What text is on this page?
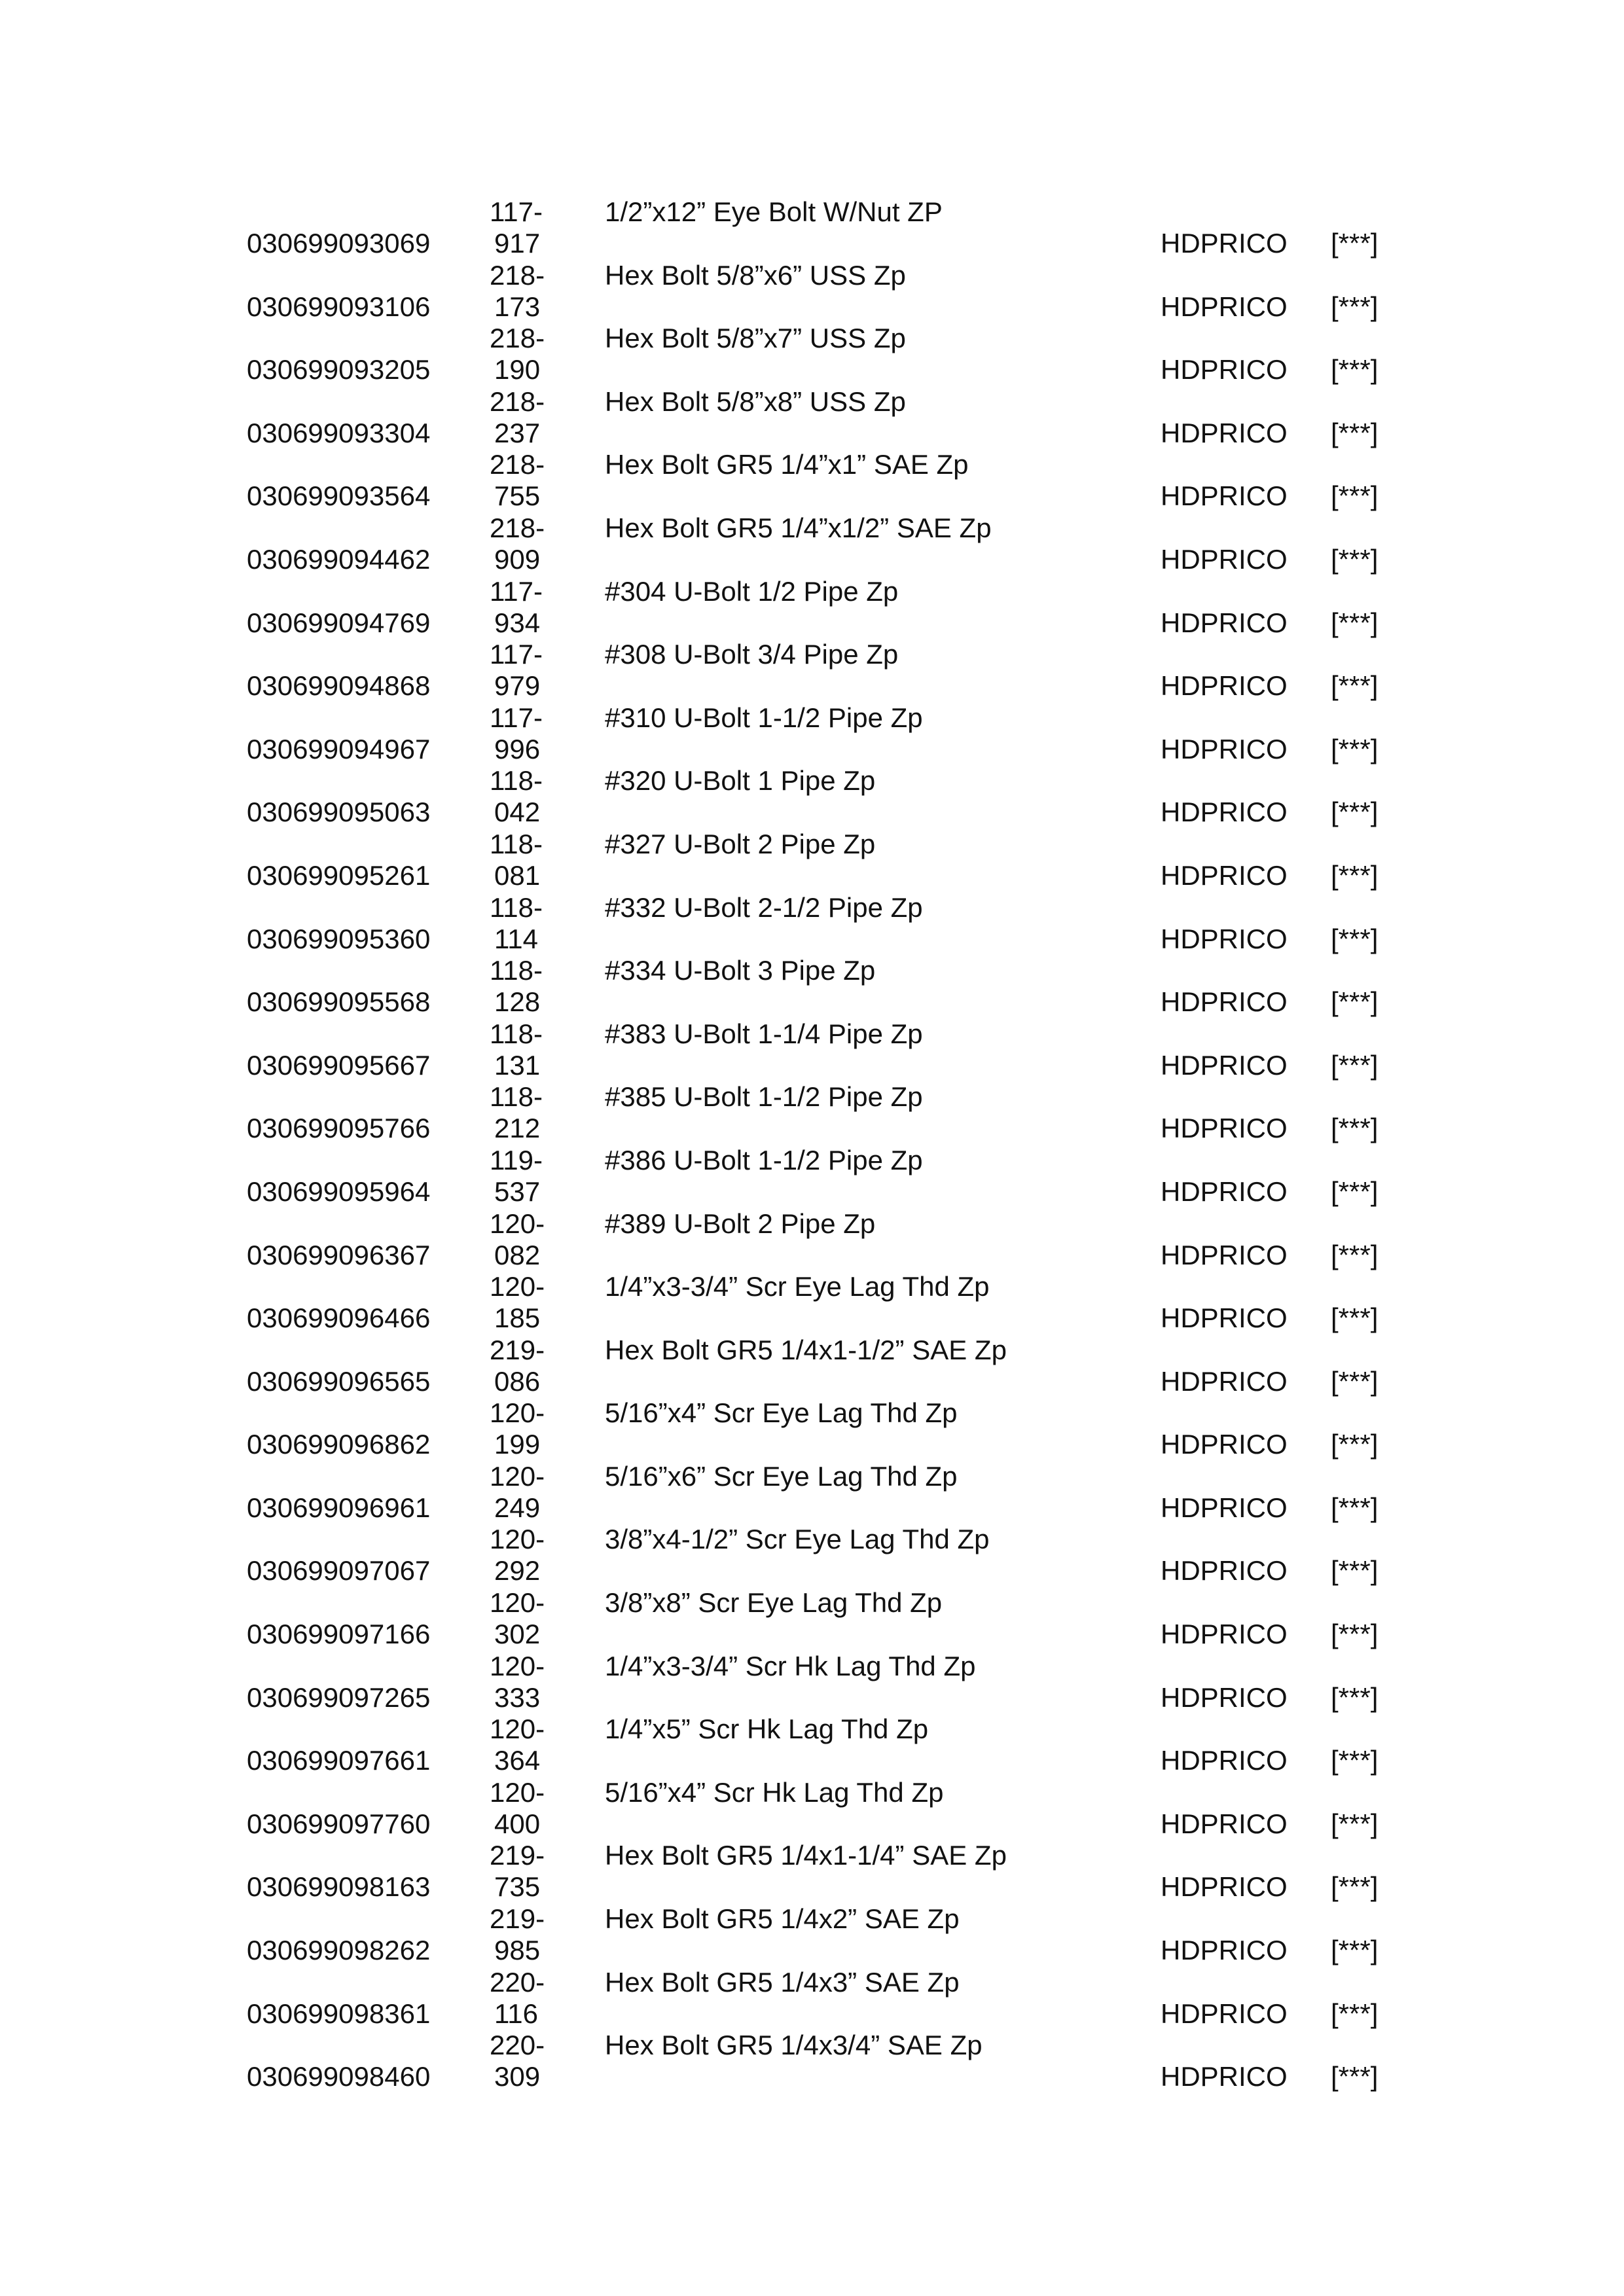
030699093069
117-
917
1/2”x12” Eye Bolt W/Nut ZP
HDPRICO [***]
030699093106
218-
173
Hex Bolt 5/8”x6” USS Zp
HDPRICO [***]
030699093205
218-
190
Hex Bolt 5/8”x7” USS Zp
HDPRICO [***]
030699093304
218-
237
Hex Bolt 5/8”x8” USS Zp
HDPRICO [***]
030699093564
218-
755
Hex Bolt GR5 1/4”x1” SAE Zp
HDPRICO [***]
030699094462
218-
909
Hex Bolt GR5 1/4”x1/2” SAE Zp
HDPRICO [***]
030699094769
117-
934
#304 U-Bolt 1/2 Pipe Zp
HDPRICO [***]
030699094868
117-
979
#308 U-Bolt 3/4 Pipe Zp
HDPRICO [***]
030699094967
117-
996
#310 U-Bolt 1-1/2 Pipe Zp
HDPRICO [***]
030699095063
118-
042
#320 U-Bolt 1 Pipe Zp
HDPRICO [***]
030699095261
118-
081
#327 U-Bolt 2 Pipe Zp
HDPRICO [***]
030699095360
118-
114
#332 U-Bolt 2-1/2 Pipe Zp
HDPRICO [***]
030699095568
118-
128
#334 U-Bolt 3 Pipe Zp
HDPRICO [***]
030699095667
118-
131
#383 U-Bolt 1-1/4 Pipe Zp
HDPRICO [***]
030699095766
118-
212
#385 U-Bolt 1-1/2 Pipe Zp
HDPRICO [***]
030699095964
119-
537
#386 U-Bolt 1-1/2 Pipe Zp
HDPRICO [***]
030699096367
120-
082
#389 U-Bolt 2 Pipe Zp
HDPRICO [***]
030699096466
120-
185
1/4”x3-3/4” Scr Eye Lag Thd Zp
HDPRICO [***]
030699096565
219-
086
Hex Bolt GR5 1/4x1-1/2” SAE Zp
HDPRICO [***]
030699096862
120-
199
5/16”x4” Scr Eye Lag Thd Zp
HDPRICO [***]
030699096961
120-
249
5/16”x6” Scr Eye Lag Thd Zp
HDPRICO [***]
030699097067
120-
292
3/8”x4-1/2” Scr Eye Lag Thd Zp
HDPRICO [***]
030699097166
120-
302
3/8”x8” Scr Eye Lag Thd Zp
HDPRICO [***]
030699097265
120-
333
1/4”x3-3/4” Scr Hk Lag Thd Zp
HDPRICO [***]
030699097661
120-
364
1/4”x5” Scr Hk Lag Thd Zp
HDPRICO [***]
030699097760
120-
400
5/16”x4” Scr Hk Lag Thd Zp
HDPRICO [***]
030699098163
219-
735
Hex Bolt GR5 1/4x1-1/4” SAE Zp
HDPRICO [***]
030699098262
219-
985
Hex Bolt GR5 1/4x2” SAE Zp
HDPRICO [***]
030699098361
220-
116
Hex Bolt GR5 1/4x3” SAE Zp
HDPRICO [***]
030699098460
220-
309
Hex Bolt GR5 1/4x3/4” SAE Zp
HDPRICO [***]
